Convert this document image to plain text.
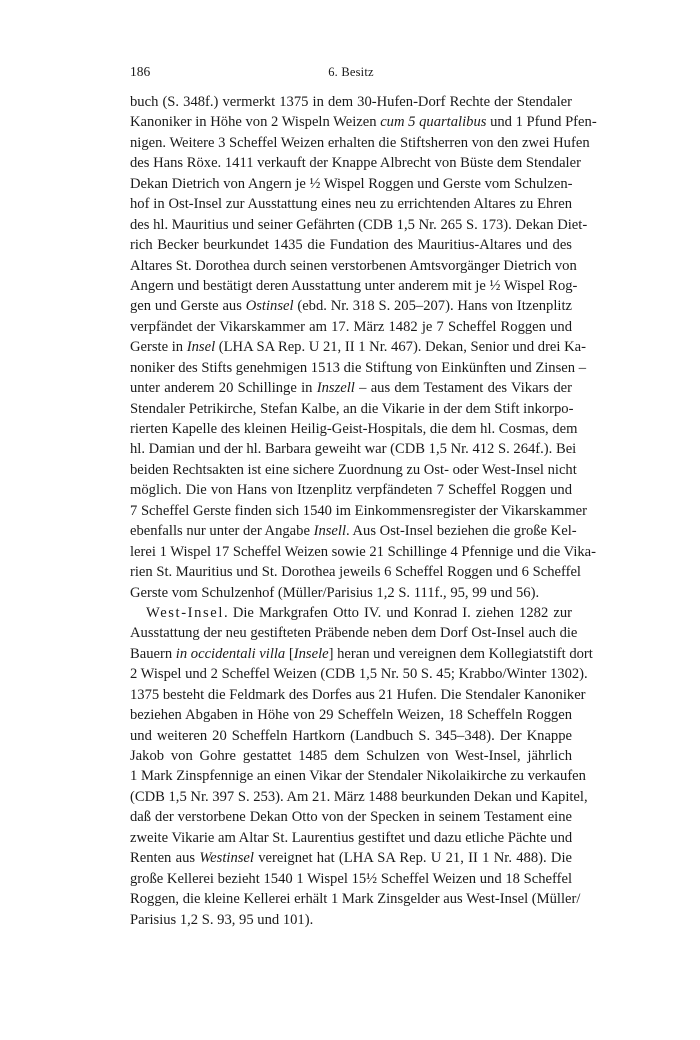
186	6. Besitz
buch (S. 348f.) vermerkt 1375 in dem 30-Hufen-Dorf Rechte der Stendaler
Kanoniker in Höhe von 2 Wispeln Weizen cum 5 quartalibus und 1 Pfund Pfen-
nigen. Weitere 3 Scheffel Weizen erhalten die Stiftsherren von den zwei Hufen
des Hans Röxe. 1411 verkauft der Knappe Albrecht von Büste dem Stendaler
Dekan Dietrich von Angern je ½ Wispel Roggen und Gerste vom Schulzen-
hof in Ost-Insel zur Ausstattung eines neu zu errichtenden Altares zu Ehren
des hl. Mauritius und seiner Gefährten (CDB 1,5 Nr. 265 S. 173). Dekan Diet-
rich Becker beurkundet 1435 die Fundation des Mauritius-Altares und des
Altares St. Dorothea durch seinen verstorbenen Amtsvorgänger Dietrich von
Angern und bestätigt deren Ausstattung unter anderem mit je ½ Wispel Rog-
gen und Gerste aus Ostinsel (ebd. Nr. 318 S. 205–207). Hans von Itzenplitz
verpfändet der Vikarskammer am 17. März 1482 je 7 Scheffel Roggen und
Gerste in Insel (LHA SA Rep. U 21, II 1 Nr. 467). Dekan, Senior und drei Ka-
noniker des Stifts genehmigen 1513 die Stiftung von Einkünften und Zinsen –
unter anderem 20 Schillinge in Inszell – aus dem Testament des Vikars der
Stendaler Petrikirche, Stefan Kalbe, an die Vikarie in der dem Stift inkorpo-
rierten Kapelle des kleinen Heilig-Geist-Hospitals, die dem hl. Cosmas, dem
hl. Damian und der hl. Barbara geweiht war (CDB 1,5 Nr. 412 S. 264f.). Bei
beiden Rechtsakten ist eine sichere Zuordnung zu Ost- oder West-Insel nicht
möglich. Die von Hans von Itzenplitz verpfändeten 7 Scheffel Roggen und
7 Scheffel Gerste finden sich 1540 im Einkommensregister der Vikarskammer
ebenfalls nur unter der Angabe Insell. Aus Ost-Insel beziehen die große Kel-
lerei 1 Wispel 17 Scheffel Weizen sowie 21 Schillinge 4 Pfennige und die Vika-
rien St. Mauritius und St. Dorothea jeweils 6 Scheffel Roggen und 6 Scheffel
Gerste vom Schulzenhof (Müller/Parisius 1,2 S. 111f., 95, 99 und 56).
West-Insel. Die Markgrafen Otto IV. und Konrad I. ziehen 1282 zur
Ausstattung der neu gestifteten Präbende neben dem Dorf Ost-Insel auch die
Bauern in occidentali villa [Insele] heran und vereignen dem Kollegiatstift dort
2 Wispel und 2 Scheffel Weizen (CDB 1,5 Nr. 50 S. 45; Krabbo/Winter 1302).
1375 besteht die Feldmark des Dorfes aus 21 Hufen. Die Stendaler Kanoniker
beziehen Abgaben in Höhe von 29 Scheffeln Weizen, 18 Scheffeln Roggen
und weiteren 20 Scheffeln Hartkorn (Landbuch S. 345–348). Der Knappe
Jakob von Gohre gestattet 1485 dem Schulzen von West-Insel, jährlich
1 Mark Zinspfennige an einen Vikar der Stendaler Nikolaikirche zu verkaufen
(CDB 1,5 Nr. 397 S. 253). Am 21. März 1488 beurkunden Dekan und Kapitel,
daß der verstorbene Dekan Otto von der Specken in seinem Testament eine
zweite Vikarie am Altar St. Laurentius gestiftet und dazu etliche Pächte und
Renten aus Westinsel vereignet hat (LHA SA Rep. U 21, II 1 Nr. 488). Die
große Kellerei bezieht 1540 1 Wispel 15½ Scheffel Weizen und 18 Scheffel
Roggen, die kleine Kellerei erhält 1 Mark Zinsgelder aus West-Insel (Müller/
Parisius 1,2 S. 93, 95 und 101).
